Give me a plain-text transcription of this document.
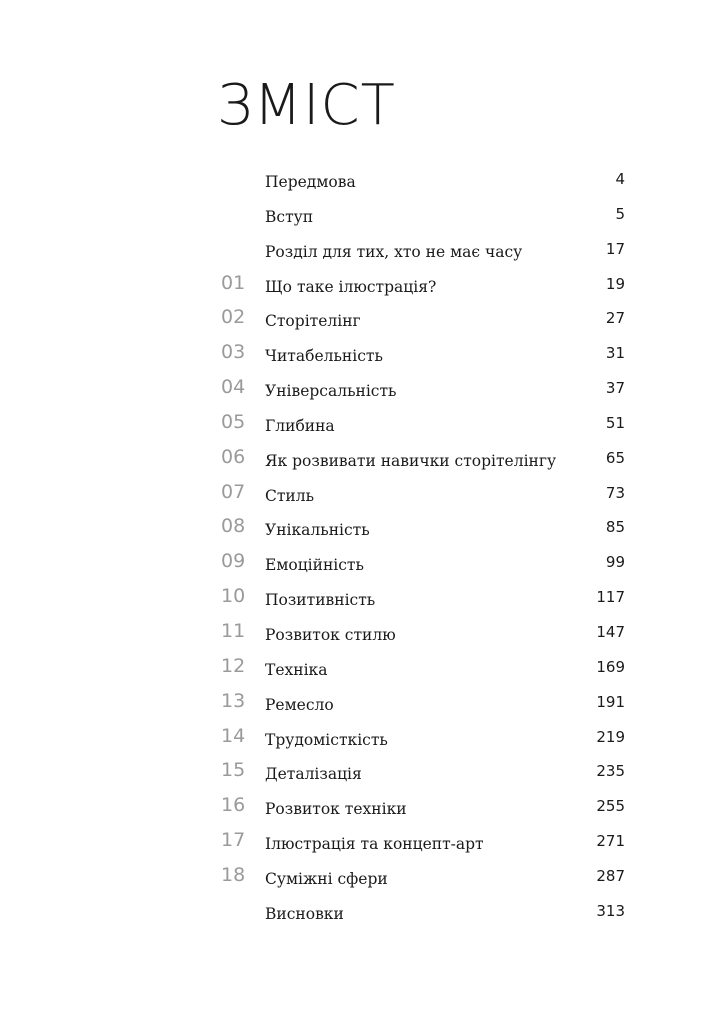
ЗМІСТ
Передмова	4
Вступ	5
Розділ для тих, хто не має часу	17
01 Що таке ілюстрація?	19
02 Сторітелінг	27
03 Читабельність	31
04 Універсальність	37
05 Глибина	51
06 Як розвивати навички сторітелінгу	65
07 Стиль	73
08 Унікальність	85
09 Емоційність	99
10 Позитивність	117
11 Розвиток стилю	147
12 Техніка	169
13 Ремесло	191
14 Трудомісткість	219
15 Деталізація	235
16 Розвиток техніки	255
17 Ілюстрація та концепт-арт	271
18 Суміжні сфери	287
Висновки	313
